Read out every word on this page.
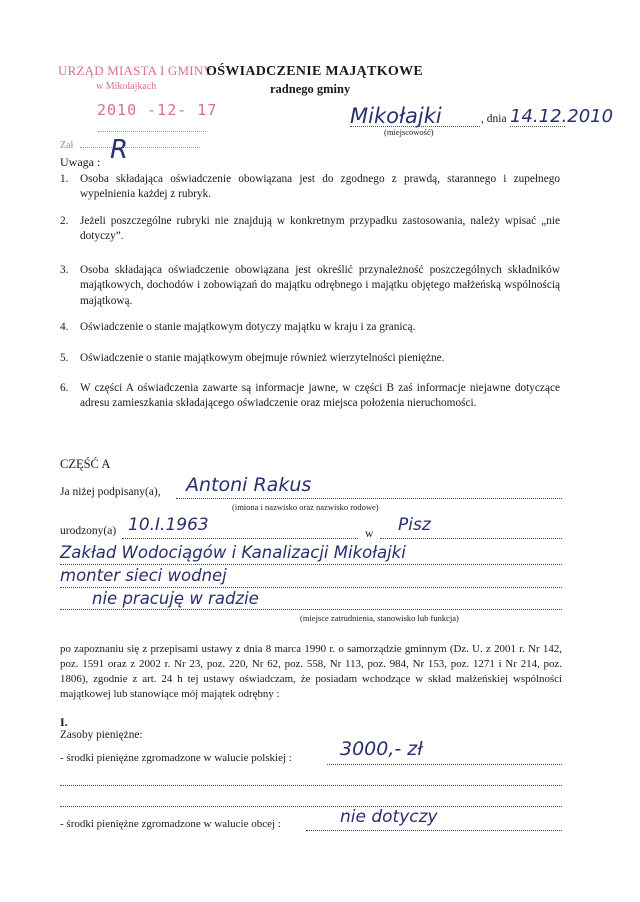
URZĄD MIASTA I GMINY
w Mikołajkach
2010 -12- 17
Zał R
OŚWIADCZENIE MAJĄTKOWE
radnego gminy
Mikołajki	, dnia 14.12.2010
(miejscowość)
Uwaga :
1. Osoba składająca oświadczenie obowiązana jest do zgodnego z prawdą, starannego i zupełnego wypełnienia każdej z rubryk.
2. Jeżeli poszczególne rubryki nie znajdują w konkretnym przypadku zastosowania, należy wpisać „nie dotyczy”.
3. Osoba składająca oświadczenie obowiązana jest określić przynależność poszczególnych składników majątkowych, dochodów i zobowiązań do majątku odrębnego i majątku objętego małżeńską wspólnością majątkową.
4. Oświadczenie o stanie majątkowym dotyczy majątku w kraju i za granicą.
5. Oświadczenie o stanie majątkowym obejmuje również wierzytelności pieniężne.
6. W części A oświadczenia zawarte są informacje jawne, w części B zaś informacje niejawne dotyczące adresu zamieszkania składającego oświadczenie oraz miejsca położenia nieruchomości.
CZĘŚĆ A
Ja niżej podpisany(a), Antoni Rakus
(imiona i nazwisko oraz nazwisko rodowe)
urodzony(a) 10.I.1963	w Pisz
Zakład Wodociągów i Kanalizacji Mikołajki
monter sieci wodnej
nie pracuję w radzie
(miejsce zatrudnienia, stanowisko lub funkcja)
po zapoznaniu się z przepisami ustawy z dnia 8 marca 1990 r. o samorządzie gminnym (Dz. U. z 2001 r. Nr 142, poz. 1591 oraz z 2002 r. Nr 23, poz. 220, Nr 62, poz. 558, Nr 113, poz. 984, Nr 153, poz. 1271 i Nr 214, poz. 1806), zgodnie z art. 24 h tej ustawy oświadczam, że posiadam wchodzące w skład małżeńskiej wspólności majątkowej lub stanowiące mój majątek odrębny :
I.
Zasoby pieniężne:
- środki pieniężne zgromadzone w walucie polskiej :	3000,- zł
- środki pieniężne zgromadzone w walucie obcej :	nie dotyczy
